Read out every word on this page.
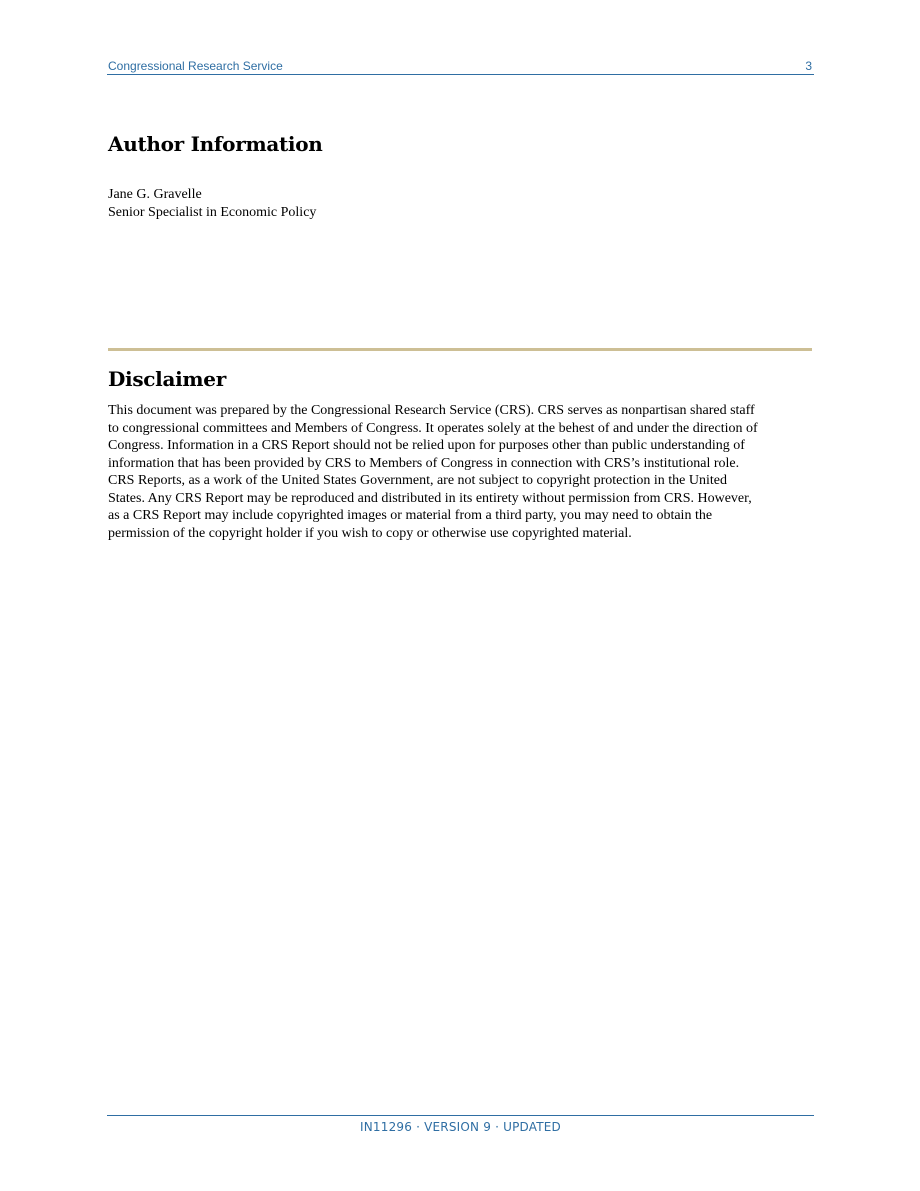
Congressional Research Service	3
Author Information
Jane G. Gravelle
Senior Specialist in Economic Policy
Disclaimer
This document was prepared by the Congressional Research Service (CRS). CRS serves as nonpartisan shared staff
to congressional committees and Members of Congress. It operates solely at the behest of and under the direction of
Congress. Information in a CRS Report should not be relied upon for purposes other than public understanding of
information that has been provided by CRS to Members of Congress in connection with CRS’s institutional role.
CRS Reports, as a work of the United States Government, are not subject to copyright protection in the United
States. Any CRS Report may be reproduced and distributed in its entirety without permission from CRS. However,
as a CRS Report may include copyrighted images or material from a third party, you may need to obtain the
permission of the copyright holder if you wish to copy or otherwise use copyrighted material.
IN11296 · VERSION 9 · UPDATED
